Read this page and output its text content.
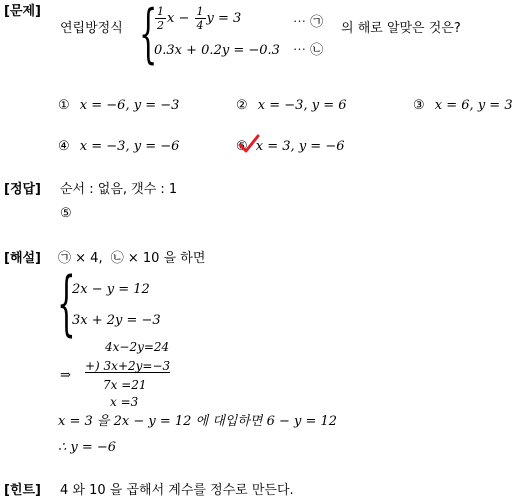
[문제]
연립방정식 {
$\frac{1}{2}$ $x - \frac{1}{4}$ y = 3	⋯ ㉠
0.3x + 0.2y = −0.3 ⋯ ㉡
의 해로 알맞은 것은?
① x = −6, y = −3	② x = −3, y = 6	③ x = 6, y = 3
④ x = −3, y = −6	⑤ x = 3, y = −6
[정답] 순서 : 없음, 갯수 : 1
⑤
[해설] ㉠ × 4, ㉡ × 10 을 하면
{
2x − y = 12
3x + 2y = −3
4x−2y=24
⇒
+) 3x+2y=−3
7x =21
x =3
x = 3 을 2x − y = 12 에 대입하면 6 − y = 12
∴ y = −6
[힌트] 4 와 10 을 곱해서 계수를 정수로 만든다.
